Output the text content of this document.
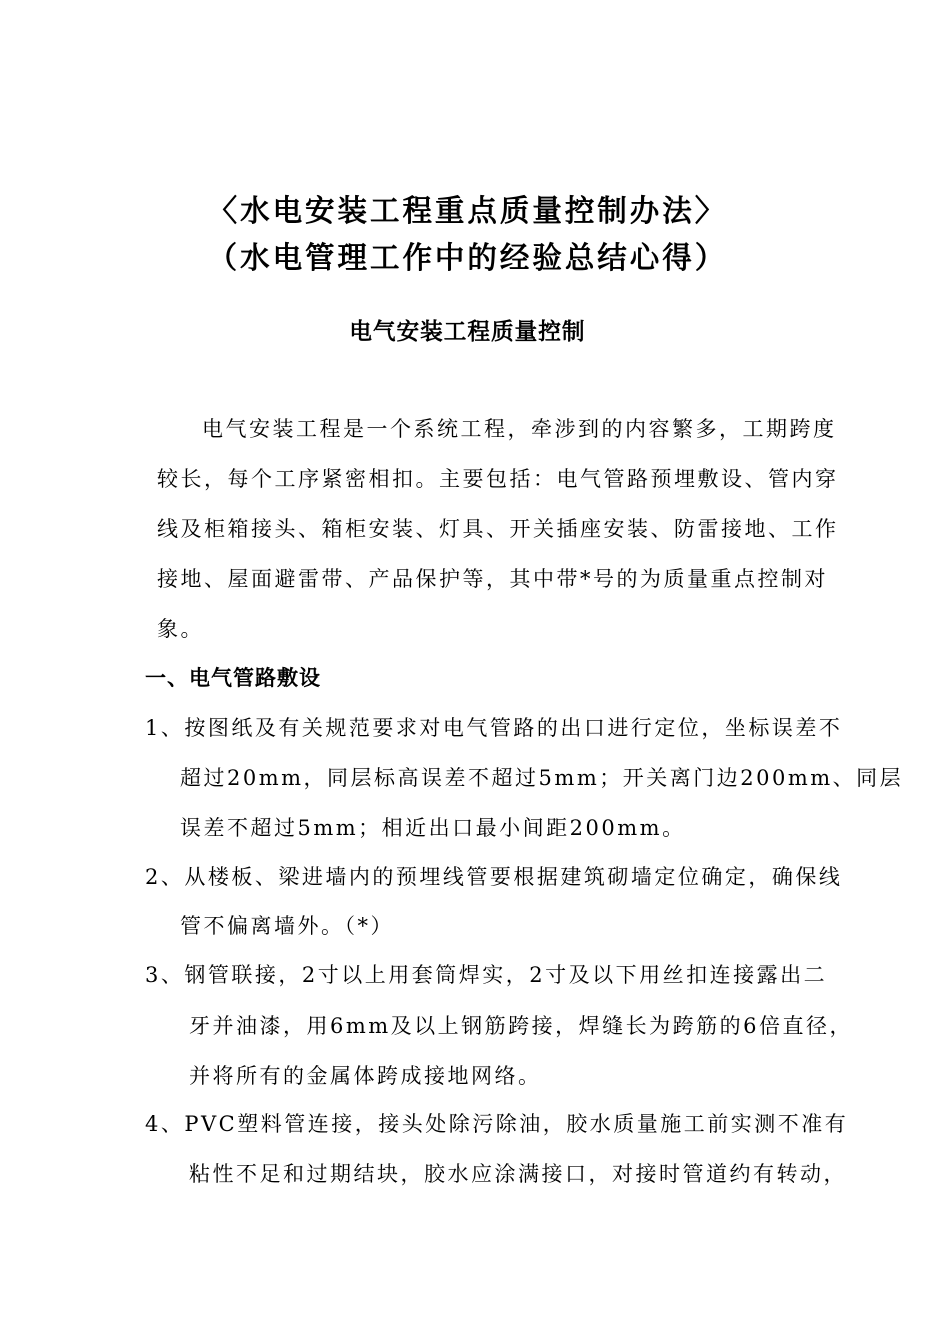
〈水电安装工程重点质量控制办法〉
（水电管理工作中的经验总结心得）
电气安装工程质量控制
电气安装工程是一个系统工程，牵涉到的内容繁多，工期跨度
较长，每个工序紧密相扣。主要包括：电气管路预埋敷设、管内穿
线及柜箱接头、箱柜安装、灯具、开关插座安装、防雷接地、工作
接地、屋面避雷带、产品保护等，其中带*号的为质量重点控制对
象。
一、电气管路敷设
1、按图纸及有关规范要求对电气管路的出口进行定位，坐标误差不
超过20mm，同层标高误差不超过5mm；开关离门边200mm、同层
误差不超过5mm；相近出口最小间距200mm。
2、从楼板、梁进墙内的预埋线管要根据建筑砌墙定位确定，确保线
管不偏离墙外。（*）
3、钢管联接，2寸以上用套筒焊实，2寸及以下用丝扣连接露出二
牙并油漆，用6mm及以上钢筋跨接，焊缝长为跨筋的6倍直径，
并将所有的金属体跨成接地网络。
4、PVC塑料管连接，接头处除污除油，胶水质量施工前实测不准有
粘性不足和过期结块，胶水应涂满接口，对接时管道约有转动，
